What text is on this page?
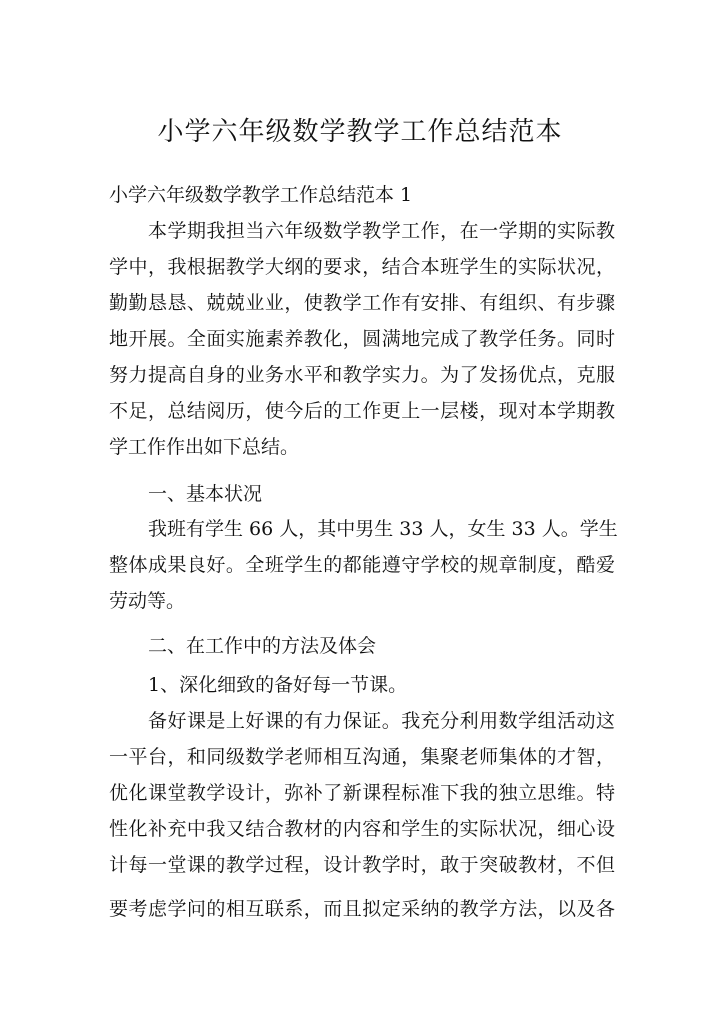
小学六年级数学教学工作总结范本

小学六年级数学教学工作总结范本 1

本学期我担当六年级数学教学工作，在一学期的实际教

学中，我根据教学大纲的要求，结合本班学生的实际状况，

勤勤恳恳、兢兢业业，使教学工作有安排、有组织、有步骤

地开展。全面实施素养教化，圆满地完成了教学任务。同时

努力提高自身的业务水平和教学实力。为了发扬优点，克服

不足，总结阅历，使今后的工作更上一层楼，现对本学期教

学工作作出如下总结。

一、基本状况

我班有学生 66 人，其中男生 33 人，女生 33 人。学生

整体成果良好。全班学生的都能遵守学校的规章制度，酷爱

劳动等。

二、在工作中的方法及体会

1、深化细致的备好每一节课。

备好课是上好课的有力保证。我充分利用数学组活动这

一平台，和同级数学老师相互沟通，集聚老师集体的才智，

优化课堂教学设计，弥补了新课程标准下我的独立思维。特

性化补充中我又结合教材的内容和学生的实际状况，细心设

计每一堂课的教学过程，设计教学时，敢于突破教材，不但

要考虑学问的相互联系，而且拟定采纳的教学方法，以及各
